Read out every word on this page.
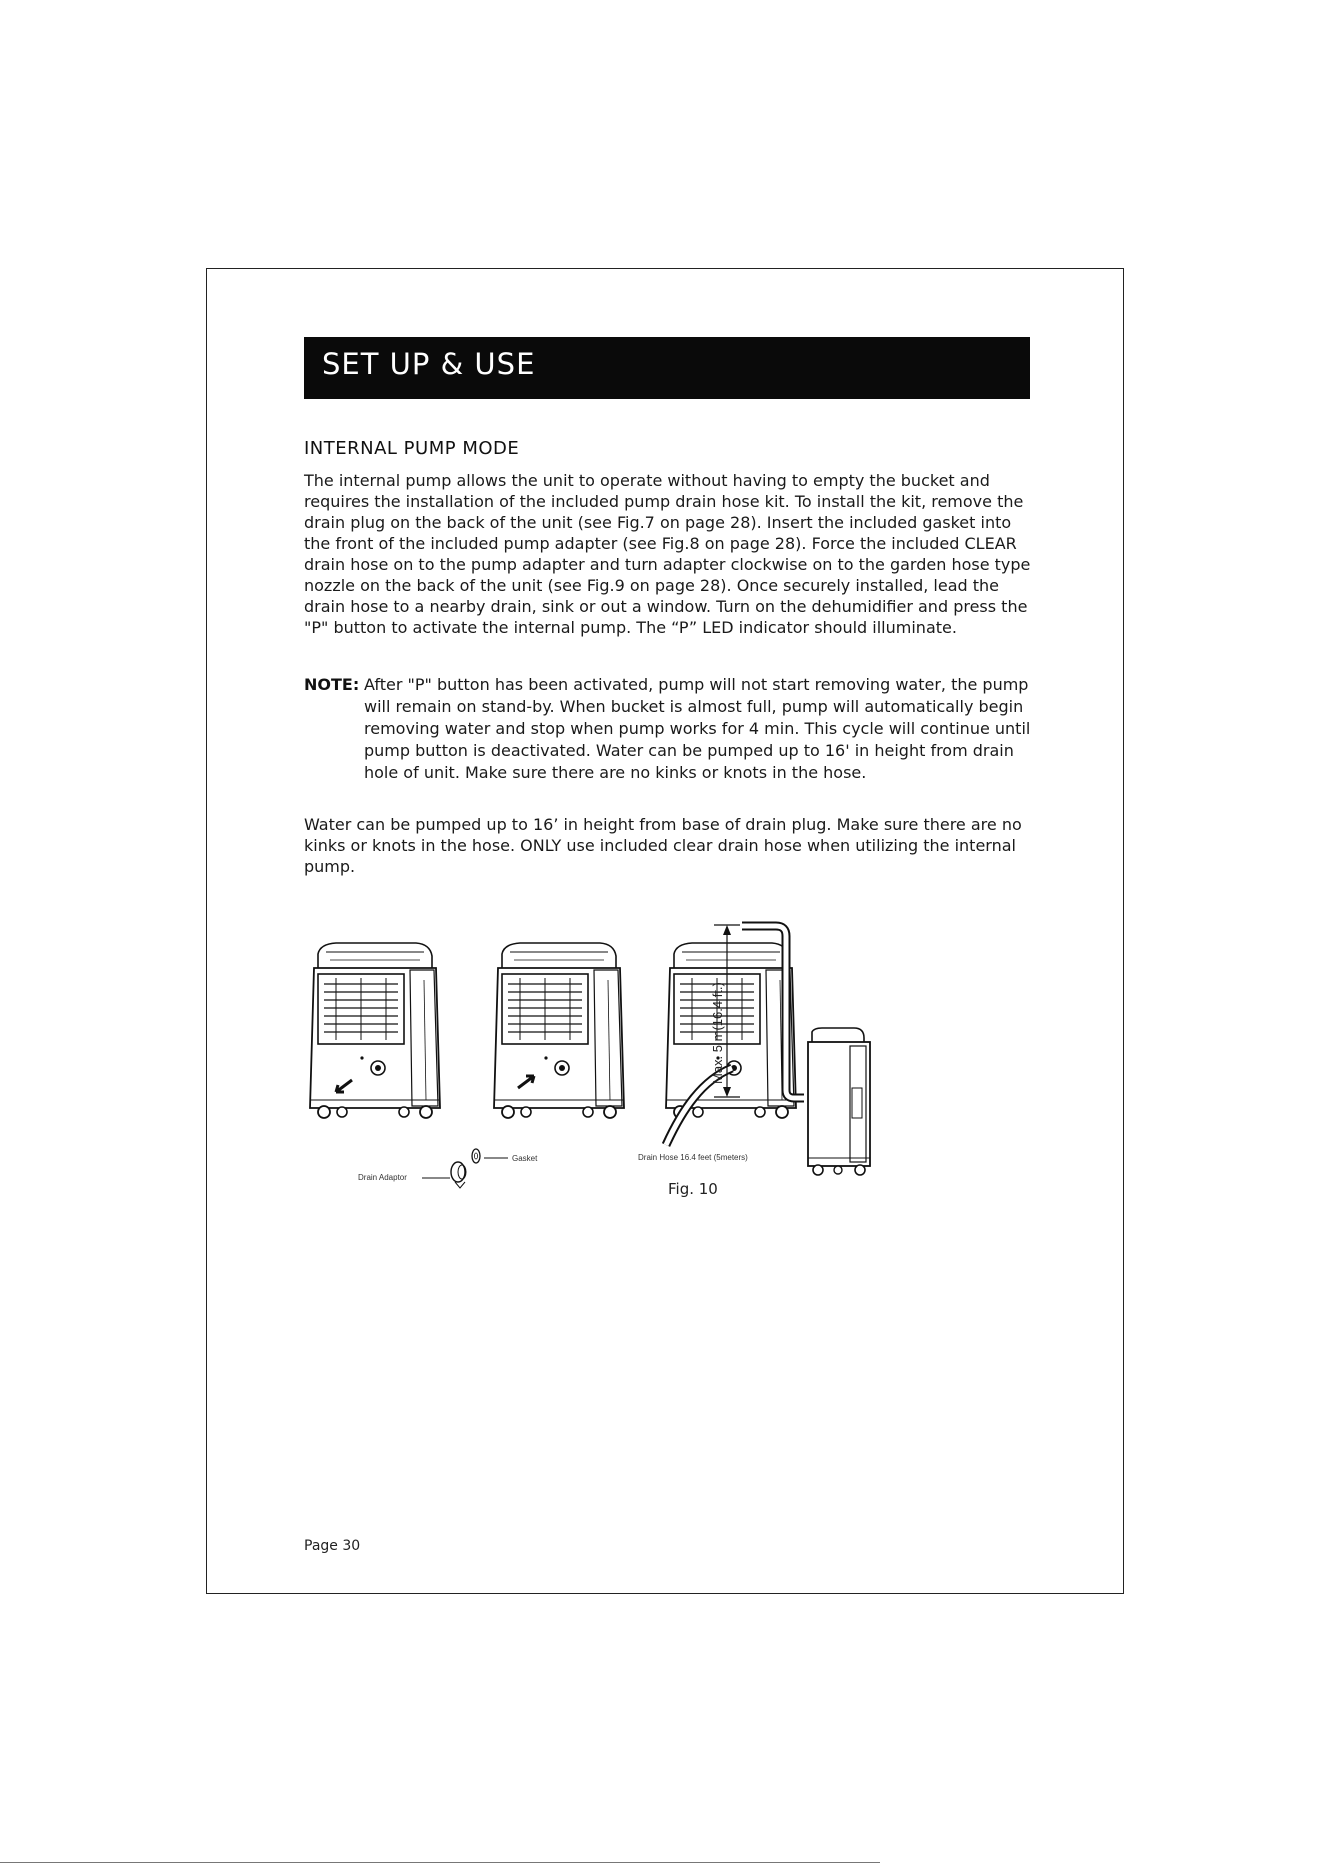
SET UP & USE
INTERNAL PUMP MODE

The internal pump allows the unit to operate without having to empty the bucket and requires the installation of the included pump drain hose kit. To install the kit, remove the drain plug on the back of the unit (see Fig.7 on page 28). Insert the included gasket into the front of the included pump adapter (see Fig.8 on page 28). Force the included CLEAR drain hose on to the pump adapter and turn adapter clockwise on to the garden hose type nozzle on the back of the unit (see Fig.9 on page 28). Once securely installed, lead the drain hose to a nearby drain, sink or out a window. Turn on the dehumidifier and press the "P" button to activate the internal pump. The “P” LED indicator should illuminate.

NOTE: After "P" button has been activated, pump will not start removing water, the pump will remain on stand-by. When bucket is almost full, pump will automatically begin removing water and stop when pump works for 4 min. This cycle will continue until pump button is deactivated. Water can be pumped up to 16' in height from drain hole of unit. Make sure there are no kinks or knots in the hose.

Water can be pumped up to 16’ in height from base of drain plug. Make sure there are no kinks or knots in the hose. ONLY use included clear drain hose when utilizing the internal pump.

Drain Adaptor
Gasket	Drain Hose 16.4 feet (5meters)
Max. 5 m(16.4 ft.)
Fig. 10
Page 30
